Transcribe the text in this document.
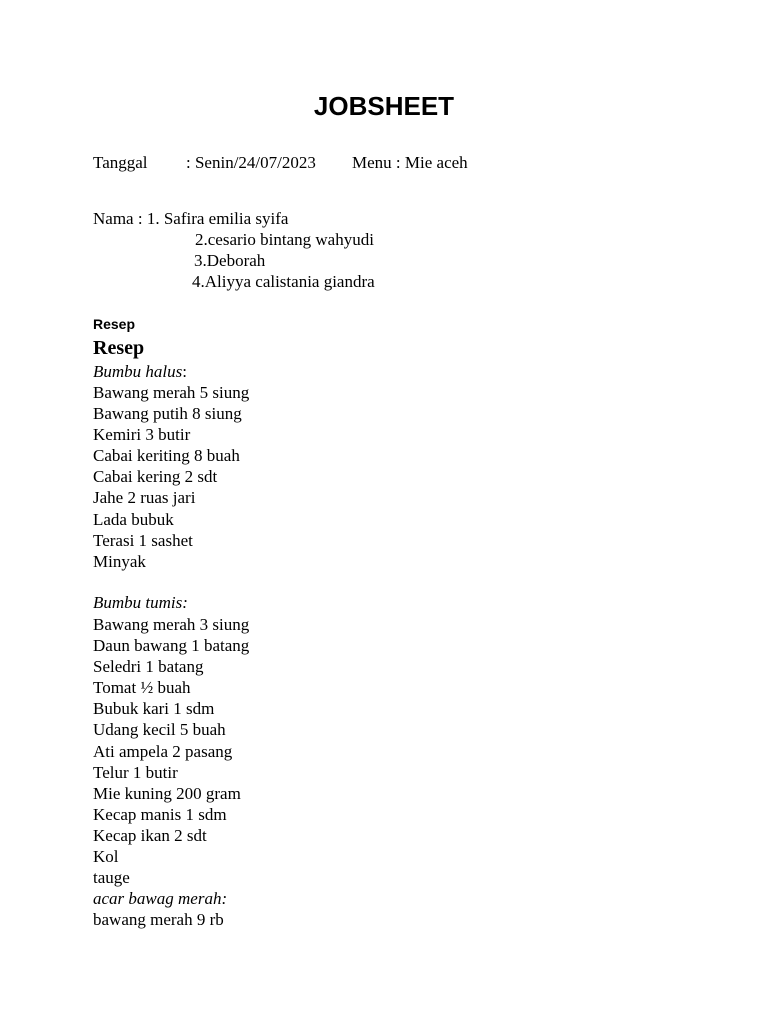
JOBSHEET
Tanggal : Senin/24/07/2023 Menu : Mie aceh
Nama : 1. Safira emilia syifa
2.cesario bintang wahyudi
3.Deborah
4.Aliyya calistania giandra
Resep
Resep
Bumbu halus:
Bawang merah 5 siung
Bawang putih 8 siung
Kemiri 3 butir
Cabai keriting 8 buah
Cabai kering 2 sdt
Jahe 2 ruas jari
Lada bubuk
Terasi 1 sashet
Minyak
Bumbu tumis:
Bawang merah 3 siung
Daun bawang 1 batang
Seledri 1 batang
Tomat ½ buah
Bubuk kari 1 sdm
Udang kecil 5 buah
Ati ampela 2 pasang
Telur 1 butir
Mie kuning 200 gram
Kecap manis 1 sdm
Kecap ikan 2 sdt
Kol
tauge
acar bawag merah:
bawang merah 9 rb
